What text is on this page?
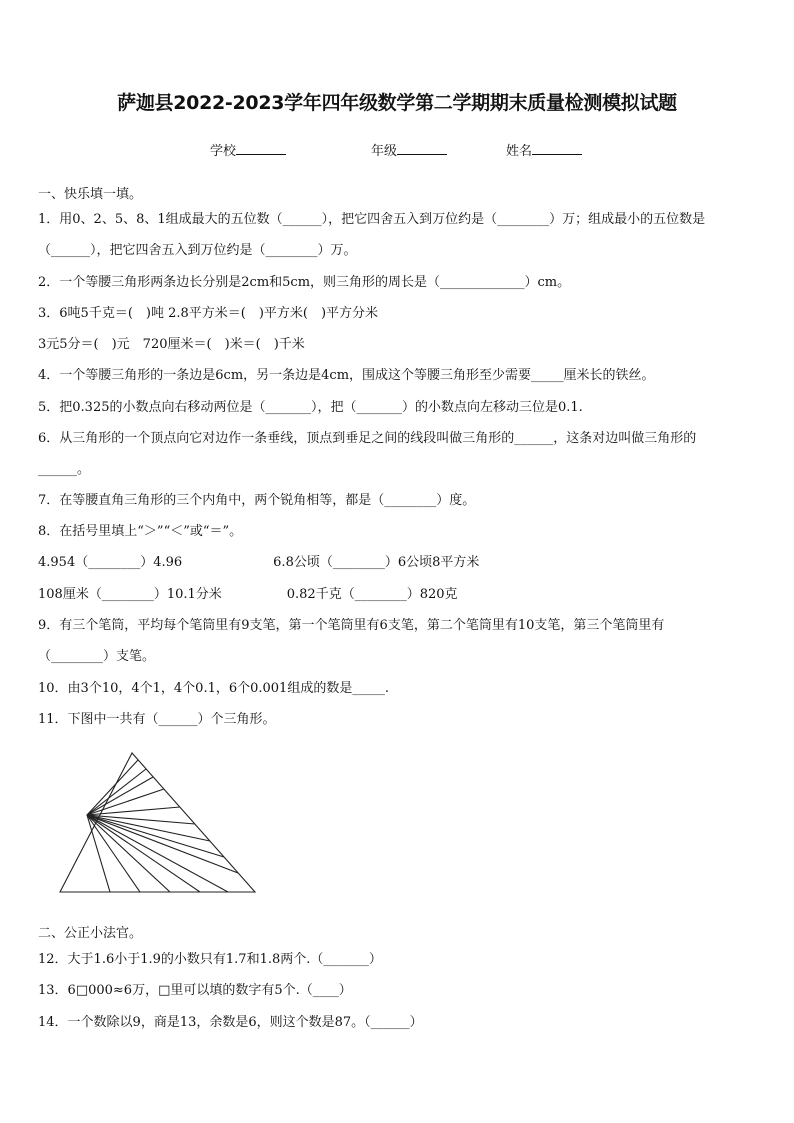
萨迦县2022-2023学年四年级数学第二学期期末质量检测模拟试题
学校	年级	姓名
一、快乐填一填。
1．用0、2、5、8、1组成最大的五位数（______），把它四舍五入到万位约是（________）万；组成最小的五位数是
（______），把它四舍五入到万位约是（________）万。
2．一个等腰三角形两条边长分别是2cm和5cm，则三角形的周长是（_____________）cm。
3．6吨5千克＝(　)吨 2.8平方米＝(　)平方米(　)平方分米
3元5分＝(　)元　720厘米＝(　)米＝(　)千米
4．一个等腰三角形的一条边是6cm，另一条边是4cm，围成这个等腰三角形至少需要_____厘米长的铁丝。
5．把0.325的小数点向右移动两位是（_______），把（_______）的小数点向左移动三位是0.1.
6．从三角形的一个顶点向它对边作一条垂线，顶点到垂足之间的线段叫做三角形的______，这条对边叫做三角形的
______。
7．在等腰直角三角形的三个内角中，两个锐角相等，都是（________）度。
8．在括号里填上“＞”“＜”或“＝”。
4.954（________）4.96　　　　　　　6.8公顷（________）6公顷8平方米
108厘米（________）10.1分米　　　　　0.82千克（________）820克
9．有三个笔筒，平均每个笔筒里有9支笔，第一个笔筒里有6支笔，第二个笔筒里有10支笔，第三个笔筒里有
（________）支笔。
10．由3个10，4个1，4个0.1，6个0.001组成的数是_____.
11．下图中一共有（______）个三角形。
二、公正小法官。
12．大于1.6小于1.9的小数只有1.7和1.8两个.（_______）
13．6□000≈6万，□里可以填的数字有5个.（____）
14．一个数除以9，商是13，余数是6，则这个数是87。（______）
